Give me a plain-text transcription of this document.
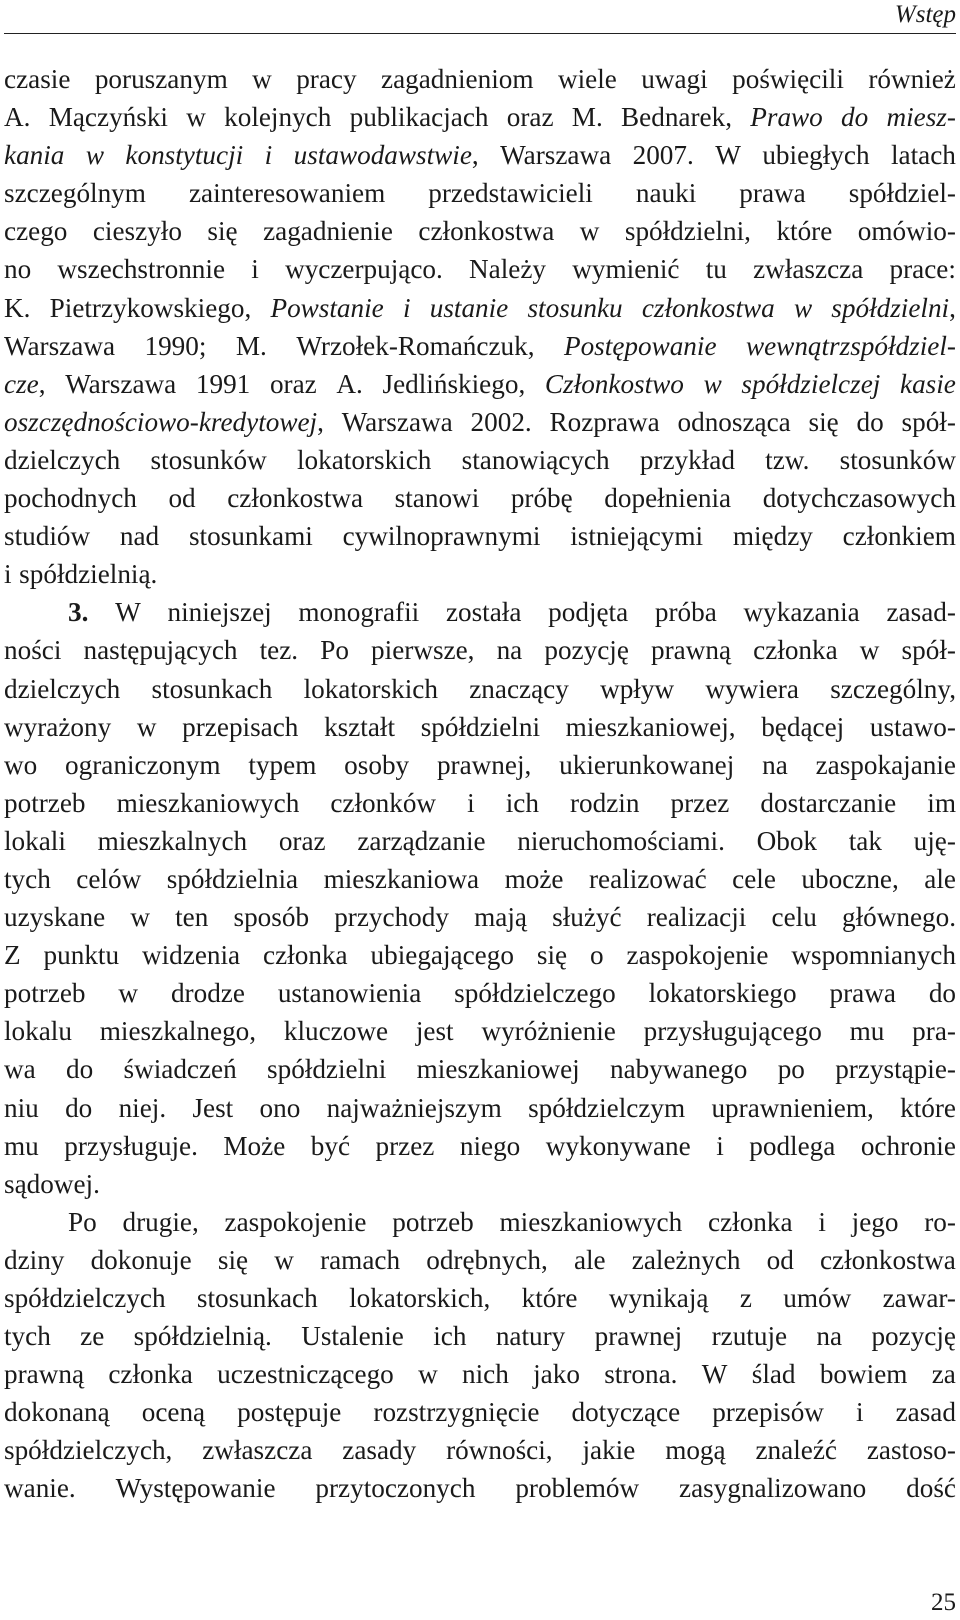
Wstęp
czasie poruszanym w pracy zagadnieniom wiele uwagi poświęcili również
A. Mączyński w kolejnych publikacjach oraz M. Bednarek, Prawo do miesz-
kania w konstytucji i ustawodawstwie, Warszawa 2007. W ubiegłych latach
szczególnym zainteresowaniem przedstawicieli nauki prawa spółdziel-
czego cieszyło się zagadnienie członkostwa w spółdzielni, które omówio-
no wszechstronnie i wyczerpująco. Należy wymienić tu zwłaszcza prace:
K. Pietrzykowskiego, Powstanie i ustanie stosunku członkostwa w spółdzielni,
Warszawa 1990; M. Wrzołek-Romańczuk, Postępowanie wewnątrzspółdziel-
cze, Warszawa 1991 oraz A. Jedlińskiego, Członkostwo w spółdzielczej kasie
oszczędnościowo-kredytowej, Warszawa 2002. Rozprawa odnosząca się do spół-
dzielczych stosunków lokatorskich stanowiących przykład tzw. stosunków
pochodnych od członkostwa stanowi próbę dopełnienia dotychczasowych
studiów nad stosunkami cywilnoprawnymi istniejącymi między członkiem
i spółdzielnią.
3. W niniejszej monografii została podjęta próba wykazania zasad-
ności następujących tez. Po pierwsze, na pozycję prawną członka w spół-
dzielczych stosunkach lokatorskich znaczący wpływ wywiera szczególny,
wyrażony w przepisach kształt spółdzielni mieszkaniowej, będącej ustawo-
wo ograniczonym typem osoby prawnej, ukierunkowanej na zaspokajanie
potrzeb mieszkaniowych członków i ich rodzin przez dostarczanie im
lokali mieszkalnych oraz zarządzanie nieruchomościami. Obok tak uję-
tych celów spółdzielnia mieszkaniowa może realizować cele uboczne, ale
uzyskane w ten sposób przychody mają służyć realizacji celu głównego.
Z punktu widzenia członka ubiegającego się o zaspokojenie wspomnianych
potrzeb w drodze ustanowienia spółdzielczego lokatorskiego prawa do
lokalu mieszkalnego, kluczowe jest wyróżnienie przysługującego mu pra-
wa do świadczeń spółdzielni mieszkaniowej nabywanego po przystąpie-
niu do niej. Jest ono najważniejszym spółdzielczym uprawnieniem, które
mu przysługuje. Może być przez niego wykonywane i podlega ochronie
sądowej.
Po drugie, zaspokojenie potrzeb mieszkaniowych członka i jego ro-
dziny dokonuje się w ramach odrębnych, ale zależnych od członkostwa
spółdzielczych stosunkach lokatorskich, które wynikają z umów zawar-
tych ze spółdzielnią. Ustalenie ich natury prawnej rzutuje na pozycję
prawną członka uczestniczącego w nich jako strona. W ślad bowiem za
dokonaną oceną postępuje rozstrzygnięcie dotyczące przepisów i zasad
spółdzielczych, zwłaszcza zasady równości, jakie mogą znaleźć zastoso-
wanie. Występowanie przytoczonych problemów zasygnalizowano dość
25
